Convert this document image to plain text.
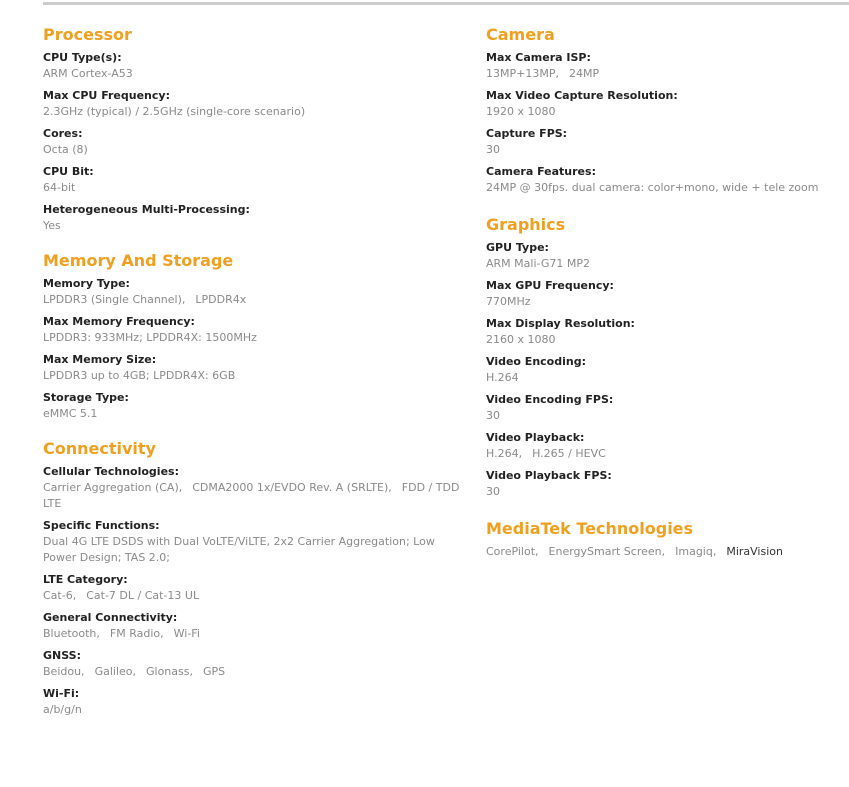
Processor
CPU Type(s):
ARM Cortex-A53
Max CPU Frequency:
2.3GHz (typical) / 2.5GHz (single-core scenario)
Cores:
Octa (8)
CPU Bit:
64-bit
Heterogeneous Multi-Processing:
Yes
Memory And Storage
Memory Type:
LPDDR3 (Single Channel), LPDDR4x
Max Memory Frequency:
LPDDR3: 933MHz; LPDDR4X: 1500MHz
Max Memory Size:
LPDDR3 up to 4GB; LPDDR4X: 6GB
Storage Type:
eMMC 5.1
Connectivity
Cellular Technologies:
Carrier Aggregation (CA), CDMA2000 1x/EVDO Rev. A (SRLTE), FDD / TDD LTE
Specific Functions:
Dual 4G LTE DSDS with Dual VoLTE/ViLTE, 2x2 Carrier Aggregation; Low Power Design; TAS 2.0;
LTE Category:
Cat-6, Cat-7 DL / Cat-13 UL
General Connectivity:
Bluetooth, FM Radio, Wi-Fi
GNSS:
Beidou, Galileo, Glonass, GPS
Wi-Fi:
a/b/g/n
Camera
Max Camera ISP:
13MP+13MP, 24MP
Max Video Capture Resolution:
1920 x 1080
Capture FPS:
30
Camera Features:
24MP @ 30fps. dual camera: color+mono, wide + tele zoom
Graphics
GPU Type:
ARM Mali-G71 MP2
Max GPU Frequency:
770MHz
Max Display Resolution:
2160 x 1080
Video Encoding:
H.264
Video Encoding FPS:
30
Video Playback:
H.264, H.265 / HEVC
Video Playback FPS:
30
MediaTek Technologies
CorePilot, EnergySmart Screen, Imagiq, MiraVision
